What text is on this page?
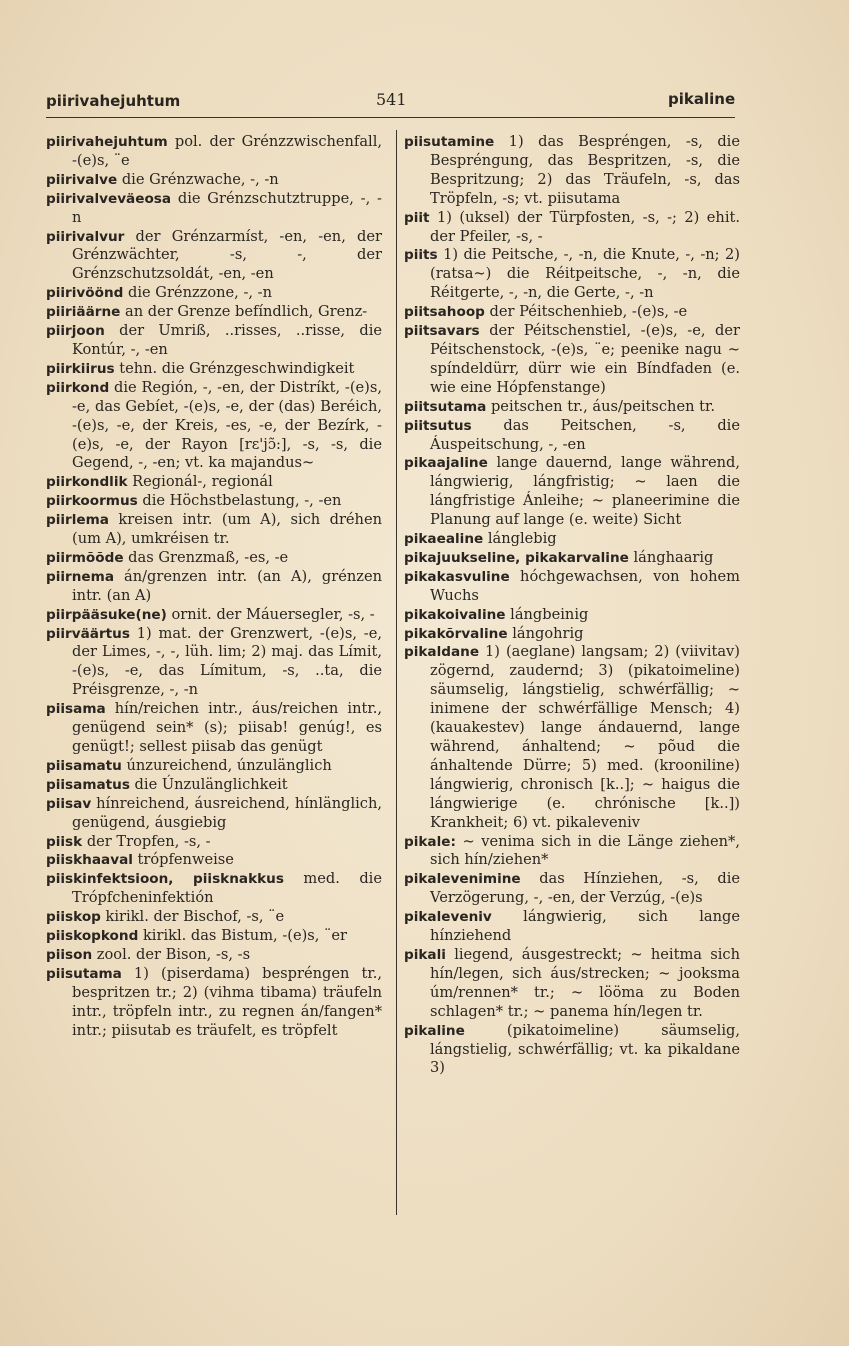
piirivahejuhtum	541	pikaline

piirivahejuhtum pol. der Grénzzwischenfall, -(e)s, ¨e

piirivalve die Grénzwache, -, -n

piirivalveväeosa die Grénzschutztruppe, -, -n

piirivalvur der Grénzarmíst, -en, -en, der Grénzwächter, -s, -, der Grénzschutzsoldát, -en, -en

piirivöönd die Grénzzone, -, -n

piiriäärne an der Grenze befíndlich, Grenz-

piirjoon der Umriß, ..risses, ..risse, die Kontúr, -, -en

piirkiirus tehn. die Grénzgeschwindigkeit

piirkond die Región, -, -en, der Distríkt, -(e)s, -e, das Gebíet, -(e)s, -e, der (das) Beréich, -(e)s, -e, der Kreis, -es, -e, der Bezírk, -(e)s, -e, der Rayon [rɛ'jɔ̃:], -s, -s, die Gegend, -, -en; vt. ka majandus~

piirkondlik Regionál-, regionál

piirkoormus die Höchstbelastung, -, -en

piirlema kreisen intr. (um A), sich dréhen (um A), umkréisen tr.

piirmõõde das Grenzmaß, -es, -e

piirnema án/grenzen intr. (an A), grénzen intr. (an A)

piirpääsuke(ne) ornit. der Máuersegler, -s, -

piirväärtus 1) mat. der Grenzwert, -(e)s, -e, der Limes, -, -, lüh. lim; 2) maj. das Límit, -(e)s, -e, das Límitum, -s, ..ta, die Préisgrenze, -, -n

piisama hín/reichen intr., áus/reichen intr., genügend sein* (s); piisab! genúg!, es genügt!; sellest piisab das genügt

piisamatu únzureichend, únzulänglich

piisamatus die Únzulänglichkeit

piisav hínreichend, áusreichend, hínlänglich, genügend, áusgiebig

piisk der Tropfen, -s, -

piiskhaaval trópfenweise

piiskinfektsioon, piisknakkus med. die Trópfcheninfektión

piiskop kirikl. der Bischof, -s, ¨e

piiskopkond kirikl. das Bistum, -(e)s, ¨er

piison zool. der Bison, -s, -s

piisutama 1) (piserdama) bespréngen tr., bespritzen tr.; 2) (vihma tibama) träufeln intr., tröpfeln intr., zu regnen án/fangen* intr.; piisutab es träufelt, es tröpfelt

piisutamine 1) das Bespréngen, -s, die Bespréngung, das Bespritzen, -s, die Bespritzung; 2) das Träufeln, -s, das Tröpfeln, -s; vt. piisutama

piit 1) (uksel) der Türpfosten, -s, -; 2) ehit. der Pfeiler, -s, -

piits 1) die Peitsche, -, -n, die Knute, -, -n; 2) (ratsa~) die Réitpeitsche, -, -n, die Réitgerte, -, -n, die Gerte, -, -n

piitsahoop der Péitschenhieb, -(e)s, -e

piitsavars der Péitschenstiel, -(e)s, -e, der Péitschenstock, -(e)s, ¨e; peenike nagu ~ spíndeldürr, dürr wie ein Bíndfaden (e. wie eine Hópfenstange)

piitsutama peitschen tr., áus/peitschen tr.

piitsutus das Peitschen, -s, die Áuspeitschung, -, -en

pikaajaline lange dauernd, lange während, lángwierig, lángfristig; ~ laen die lángfristige Ánleihe; ~ planeerimine die Planung auf lange (e. weite) Sicht

pikaealine lánglebig

pikajuukseline, pikakarvaline lánghaarig

pikakasvuline hóchgewachsen, von hohem Wuchs

pikakoivaline lángbeinig

pikakõrvaline lángohrig

pikaldane 1) (aeglane) langsam; 2) (viivitav) zögernd, zaudernd; 3) (pikatoimeline) säumselig, lángstielig, schwérfällig; ~ inimene der schwérfällige Mensch; 4) (kauakestev) lange ándauernd, lange während, ánhaltend; ~ põud die ánhaltende Dürre; 5) med. (krooniline) lángwierig, chronisch [k..]; ~ haigus die lángwierige (e. chrónische [k..]) Krankheit; 6) vt. pikaleveniv

pikale: ~ venima sich in die Länge ziehen*, sich hín/ziehen*

pikalevenimine das Hínziehen, -s, die Verzögerung, -, -en, der Verzúg, -(e)s

pikaleveniv lángwierig, sich lange hínziehend

pikali liegend, áusgestreckt; ~ heitma sich hín/legen, sich áus/strecken; ~ jooksma úm/rennen* tr.; ~ lööma zu Boden schlagen* tr.; ~ panema hín/legen tr.

pikaline (pikatoimeline) säumselig, lángstielig, schwérfällig; vt. ka pikaldane 3)
